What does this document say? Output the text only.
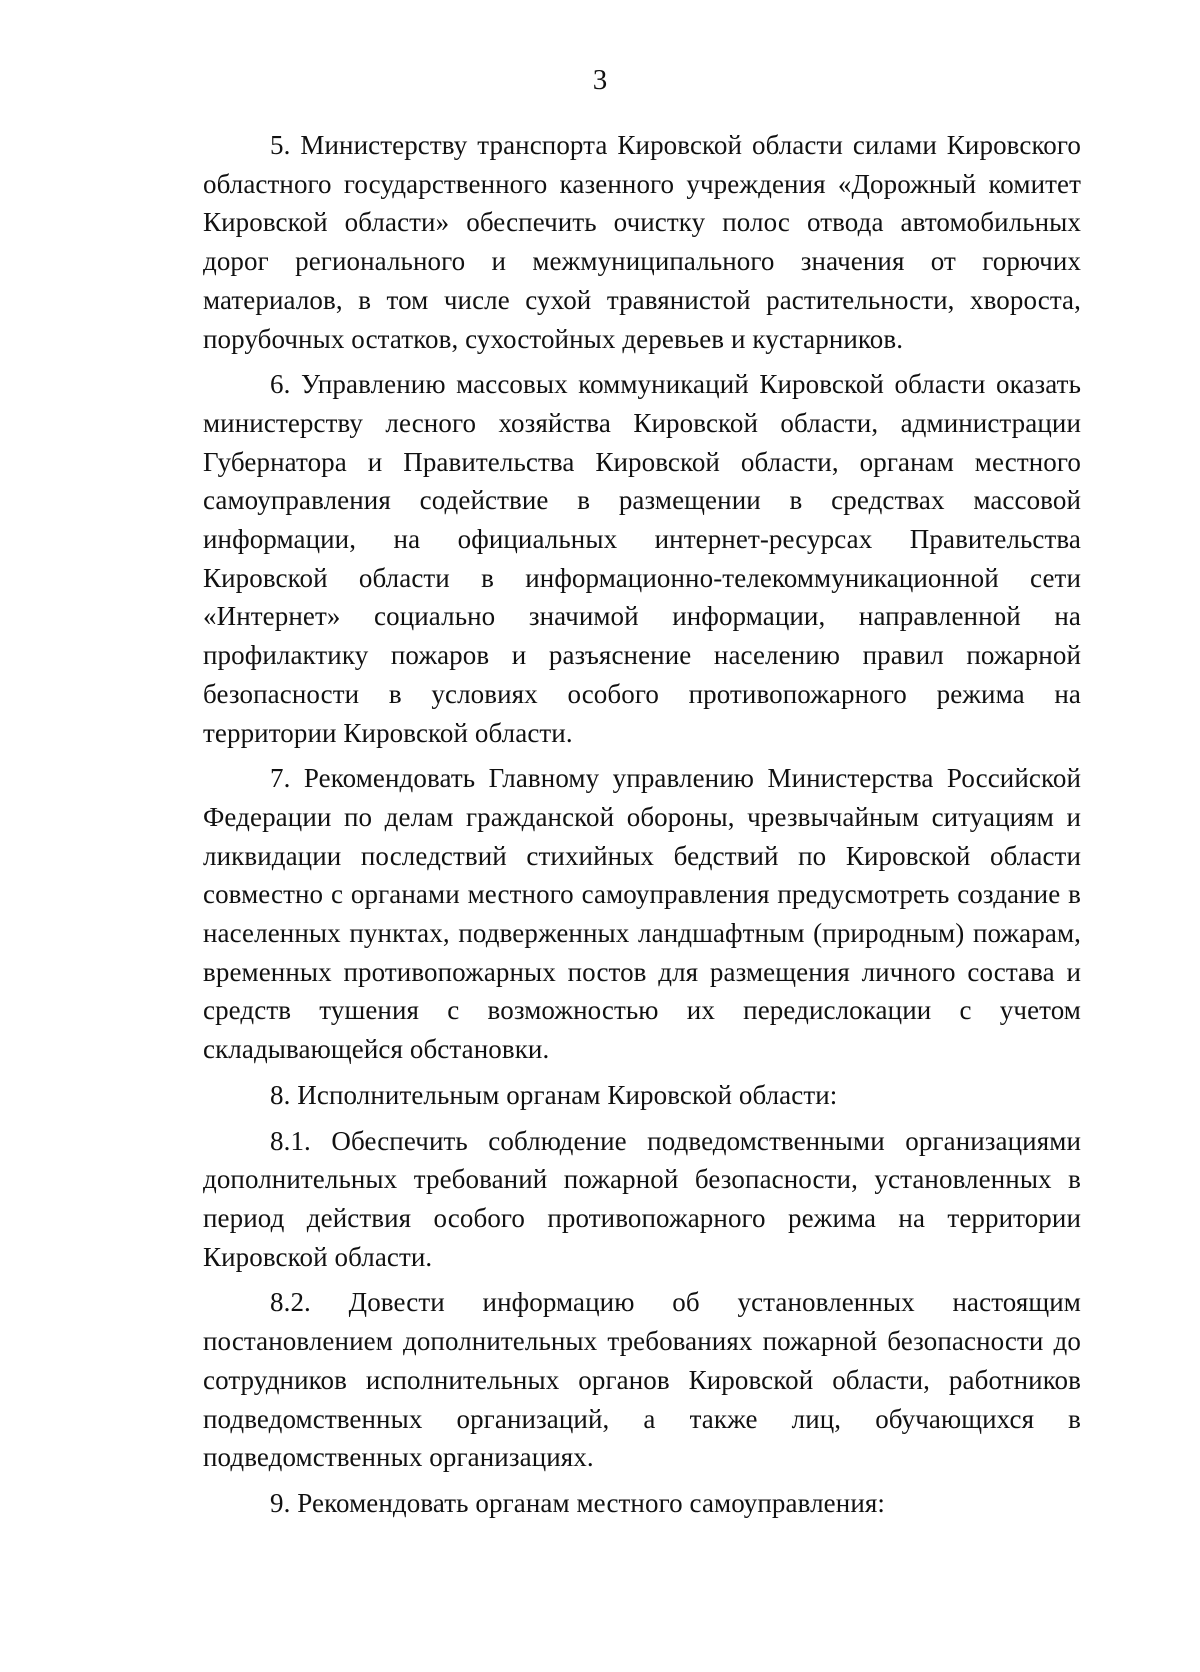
3

5. Министерству транспорта Кировской области силами Кировского областного государственного казенного учреждения «Дорожный комитет Кировской области» обеспечить очистку полос отвода автомобильных дорог регионального и межмуниципального значения от горючих материалов, в том числе сухой травянистой растительности, хвороста, порубочных остатков, сухостойных деревьев и кустарников.

6. Управлению массовых коммуникаций Кировской области оказать министерству лесного хозяйства Кировской области, администрации Губернатора и Правительства Кировской области, органам местного самоуправления содействие в размещении в средствах массовой информации, на официальных интернет-ресурсах Правительства Кировской области в информационно-телекоммуникационной сети «Интернет» социально значимой информации, направленной на профилактику пожаров и разъяснение населению правил пожарной безопасности в условиях особого противопожарного режима на территории Кировской области.

7. Рекомендовать Главному управлению Министерства Российской Федерации по делам гражданской обороны, чрезвычайным ситуациям и ликвидации последствий стихийных бедствий по Кировской области совместно с органами местного самоуправления предусмотреть создание в населенных пунктах, подверженных ландшафтным (природным) пожарам, временных противопожарных постов для размещения личного состава и средств тушения с возможностью их передислокации с учетом складывающейся обстановки.

8. Исполнительным органам Кировской области:

8.1. Обеспечить соблюдение подведомственными организациями дополнительных требований пожарной безопасности, установленных в период действия особого противопожарного режима на территории Кировской области.

8.2. Довести информацию об установленных настоящим постановлением дополнительных требованиях пожарной безопасности до сотрудников исполнительных органов Кировской области, работников подведомственных организаций, а также лиц, обучающихся в подведомственных организациях.

9. Рекомендовать органам местного самоуправления:
